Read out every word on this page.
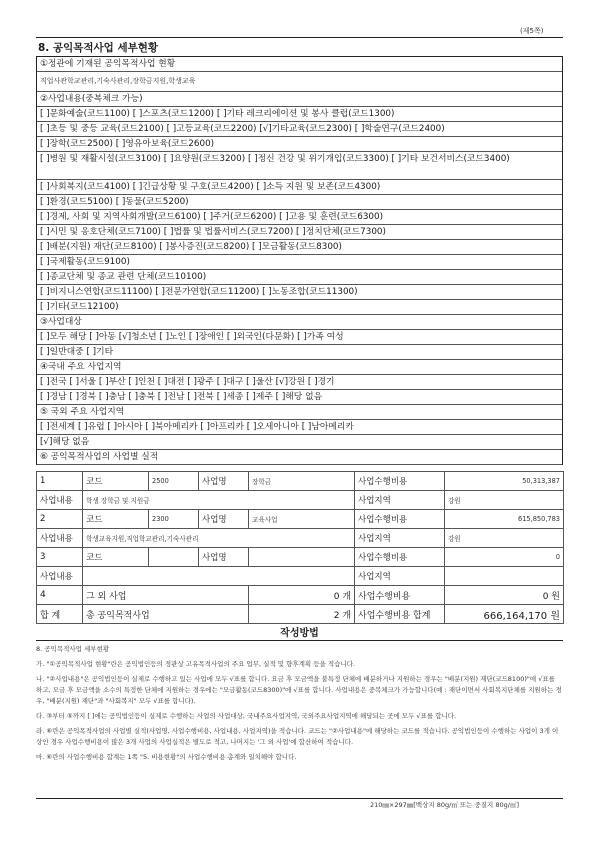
(제5쪽)
8. 공익목적사업 세부현황
①정관에 기재된 공익목적사업 현황
직업사관학교관리,기숙사관리,장학금지원,학생교육
②사업내용(중복체크 가능)
[ ]문화예술(코드1100) [ ]스포츠(코드1200) [ ]기타 레크리에이션 및 봉사 클럽(코드1300)
[ ]초등 및 중등 교육(코드2100) [ ]고등교육(코드2200) [√]기타교육(코드2300) [ ]학술연구(코드2400)
[ ]장학(코드2500) [ ]영유아보육(코드2600)
[ ]병원 및 재활시설(코드3100) [ ]요양원(코드3200) [ ]정신 건강 및 위기개입(코드3300) [ ]기타 보건서비스(코드3400)
[ ]사회복지(코드4100) [ ]긴급상황 및 구호(코드4200) [ ]소득 지원 및 보존(코드4300)
[ ]환경(코드5100) [ ]동물(코드5200)
[ ]경제, 사회 및 지역사회개발(코드6100) [ ]주거(코드6200) [ ]고용 및 훈련(코드6300)
[ ]시민 및 옹호단체(코드7100) [ ]법률 및 법률서비스(코드7200) [ ]정치단체(코드7300)
[ ]배분(지원) 재단(코드8100) [ ]봉사증진(코드8200) [ ]모금활동(코드8300)
[ ]국제활동(코드9100)
[ ]종교단체 및 종교 관련 단체(코드10100)
[ ]비지니스연합(코드11100) [ ]전문가연합(코드11200) [ ]노동조합(코드11300)
[ ]기타(코드12100)
③사업대상
[ ]모두 해당 [ ]아동 [√]청소년 [ ]노인 [ ]장애인 [ ]외국인(다문화) [ ]가족 여성
[ ]일반대중 [ ]기타
④국내 주요 사업지역
[ ]전국 [ ]서울 [ ]부산 [ ]인천 [ ]대전 [ ]광주 [ ]대구 [ ]울산 [√]강원 [ ]경기
[ ]경남 [ ]경북 [ ]충남 [ ]충북 [ ]전남 [ ]전북 [ ]세종 [ ]제주 [ ]해당 없음
⑤ 국외 주요 사업지역
[ ]전세계 [ ]유럽 [ ]아시아 [ ]북아메리카 [ ]아프리카 [ ]오세아니아 [ ]남아메리카
[√]해당 없음
⑥ 공익목적사업의 사업별 실적
1	코드	2500	사업명	장학금	사업수행비용	50,313,387
사업내용	학생 장학금 및 지원금				사업지역	강원
2	코드	2300	사업명	교육사업	사업수행비용	615,850,783
사업내용	학생교육지원,직업학교관리,기숙사관리				사업지역	강원
3	코드		사업명		사업수행비용	0
사업내용					사업지역	
4	그 외 사업			0 개	사업수행비용	0 원
합 계	총 공익목적사업			2 개	사업수행비용 합계	666,164,170 원
작성방법

8. 공익목적사업 세부현황

가. "①공익목적사업 현황"란은 공익법인등의 정관상 고유목적사업의 주요 업무, 실적 및 향후계획 등을 적습니다.

나. "②사업내용"은 공익법인등이 실제로 수행하고 있는 사업에 모두 √표를 합니다. 요금 후 모금액을 불특정 단체에 배분하거나 지원하는 경우는 "배분(지원) 재단(코드8100)"에 √표를 하고, 모금 후 모금액을 소수의 특정한 단체에 지원하는 경우에는 "모금활동(코드8300)"에 √표를 합니다. 사업내용은 중복체크가 가능합니다(예 : 재단이면서 사회복지단체를 지원하는 경우, "배분(지원) 재단"과 "사회복지" 모두 √표를 합니다).

다. ③부터 ⑤까지 [ ]에는 공익법인등이 실제로 수행하는 사업의 사업대상, 국내주요사업지역, 국외주요사업지역에 해당되는 곳에 모두 √표를 합니다.

라. ⑥란은 공익목적사업의 사업별 실적(사업명, 사업수행비용, 사업내용, 사업지역)을 적습니다. 코드는 "②사업내용"에 해당하는 코드를 적습니다. 공익법인등이 수행하는 사업이 3개 이상인 경우 사업수행비용이 많은 3개 사업의 사업실적은 별도로 적고, 나머지는 '그 외 사업'에 합산하여 적습니다.

마. ⑥란의 사업수행비용 합계는 1쪽 "5. 비용현황"의 사업수행비용 총계와 일치해야 합니다.

210㎜×297㎜[백상지 80g/㎡ 또는 중질지 80g/㎡]
